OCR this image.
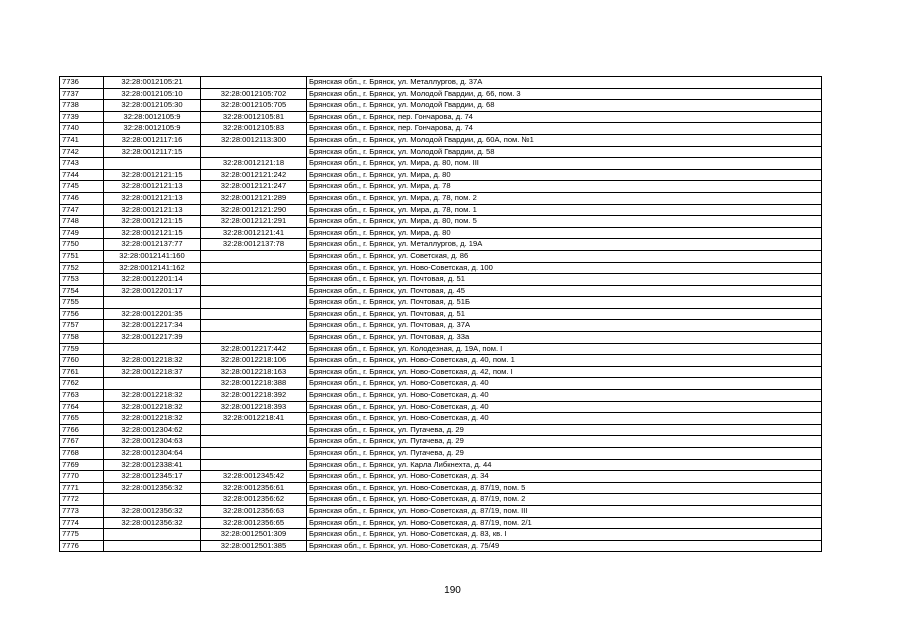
7736	32:28:0012105:21		Брянская обл., г. Брянск, ул. Металлургов, д. 37А
7737	32:28:0012105:10	32:28:0012105:702	Брянская обл., г. Брянск, ул. Молодой Гвардии, д. 66, пом. 3
7738	32:28:0012105:30	32:28:0012105:705	Брянская обл., г. Брянск, ул. Молодой Гвардии, д. 68
7739	32:28:0012105:9	32:28:0012105:81	Брянская обл., г. Брянск, пер. Гончарова, д. 74
7740	32:28:0012105:9	32:28:0012105:83	Брянская обл., г. Брянск, пер. Гончарова, д. 74
7741	32:28:0012117:16	32:28:0012113:300	Брянская обл., г. Брянск, ул. Молодой Гвардии, д. 60А, пом. №1
7742	32:28:0012117:15		Брянская обл., г. Брянск, ул. Молодой Гвардии, д. 58
7743		32:28:0012121:18	Брянская обл., г. Брянск, ул. Мира, д. 80, пом. III
7744	32:28:0012121:15	32:28:0012121:242	Брянская обл., г. Брянск, ул. Мира, д. 80
7745	32:28:0012121:13	32:28:0012121:247	Брянская обл., г. Брянск, ул. Мира, д. 78
7746	32:28:0012121:13	32:28:0012121:289	Брянская обл., г. Брянск, ул. Мира, д. 78, пом. 2
7747	32:28:0012121:13	32:28:0012121:290	Брянская обл., г. Брянск, ул. Мира, д. 78, пом. 1
7748	32:28:0012121:15	32:28:0012121:291	Брянская обл., г. Брянск, ул. Мира, д. 80, пом. 5
7749	32:28:0012121:15	32:28:0012121:41	Брянская обл., г. Брянск, ул. Мира, д. 80
7750	32:28:0012137:77	32:28:0012137:78	Брянская обл., г. Брянск, ул. Металлургов, д. 19А
7751	32:28:0012141:160		Брянская обл., г. Брянск, ул. Советская, д. 86
7752	32:28:0012141:162		Брянская обл., г. Брянск, ул. Ново-Советская, д. 100
7753	32:28:0012201:14		Брянская обл., г. Брянск, ул. Почтовая, д. 51
7754	32:28:0012201:17		Брянская обл., г. Брянск, ул. Почтовая, д. 45
7755			Брянская обл., г. Брянск, ул. Почтовая, д. 51Б
7756	32:28:0012201:35		Брянская обл., г. Брянск, ул. Почтовая, д. 51
7757	32:28:0012217:34		Брянская обл., г. Брянск, ул. Почтовая, д. 37А
7758	32:28:0012217:39		Брянская обл., г. Брянск, ул. Почтовая, д. 33а
7759		32:28:0012217:442	Брянская обл., г. Брянск, ул. Колодезная, д. 19А, пом. I
7760	32:28:0012218:32	32:28:0012218:106	Брянская обл., г. Брянск, ул. Ново-Советская, д. 40, пом. 1
7761	32:28:0012218:37	32:28:0012218:163	Брянская обл., г. Брянск, ул. Ново-Советская, д. 42, пом. I
7762		32:28:0012218:388	Брянская обл., г. Брянск, ул. Ново-Советская, д. 40
7763	32:28:0012218:32	32:28:0012218:392	Брянская обл., г. Брянск, ул. Ново-Советская, д. 40
7764	32:28:0012218:32	32:28:0012218:393	Брянская обл., г. Брянск, ул. Ново-Советская, д. 40
7765	32:28:0012218:32	32:28:0012218:41	Брянская обл., г. Брянск, ул. Ново-Советская, д. 40
7766	32:28:0012304:62		Брянская обл., г. Брянск, ул. Пугачева, д. 29
7767	32:28:0012304:63		Брянская обл., г. Брянск, ул. Пугачева, д. 29
7768	32:28:0012304:64		Брянская обл., г. Брянск, ул. Пугачева, д. 29
7769	32:28:0012338:41		Брянская обл., г. Брянск, ул. Карла Либкнехта, д. 44
7770	32:28:0012345:17	32:28:0012345:42	Брянская обл., г. Брянск, ул. Ново-Советская, д. 34
7771	32:28:0012356:32	32:28:0012356:61	Брянская обл., г. Брянск, ул. Ново-Советская, д. 87/19, пом. 5
7772		32:28:0012356:62	Брянская обл., г. Брянск, ул. Ново-Советская, д. 87/19, пом. 2
7773	32:28:0012356:32	32:28:0012356:63	Брянская обл., г. Брянск, ул. Ново-Советская, д. 87/19, пом. III
7774	32:28:0012356:32	32:28:0012356:65	Брянская обл., г. Брянск, ул. Ново-Советская, д. 87/19, пом. 2/1
7775		32:28:0012501:309	Брянская обл., г. Брянск, ул. Ново-Советская, д. 83, кв. I
7776		32:28:0012501:385	Брянская обл., г. Брянск, ул. Ново-Советская, д. 75/49
190
